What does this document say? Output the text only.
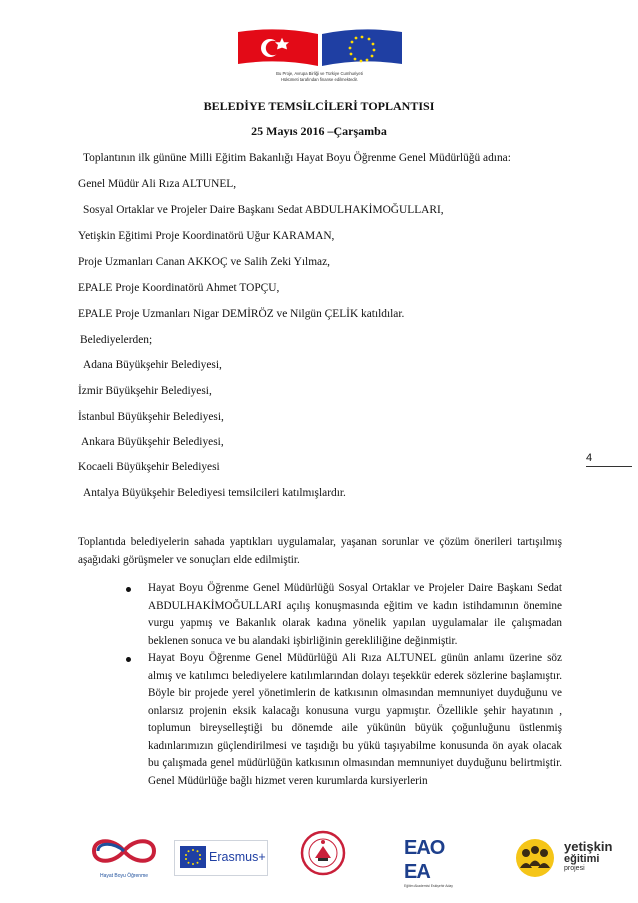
Bu Proje, Avrupa Birliği ve Türkiye Cumhuriyeti
Hükümeti tarafından finanse edilmektedir.
BELEDİYE TEMSİLCİLERİ TOPLANTISI
25 Mayıs 2016 –Çarşamba
Toplantının ilk gününe Milli Eğitim Bakanlığı Hayat Boyu Öğrenme Genel Müdürlüğü adına:
Genel Müdür Ali Rıza ALTUNEL,
Sosyal Ortaklar ve Projeler Daire Başkanı Sedat ABDULHAKİMOĞULLARI,
Yetişkin Eğitimi Proje Koordinatörü Uğur KARAMAN,
Proje Uzmanları Canan AKKOÇ ve Salih Zeki Yılmaz,
EPALE Proje Koordinatörü Ahmet TOPÇU,
EPALE Proje Uzmanları Nigar DEMİRÖZ ve Nilgün ÇELİK katıldılar.
Belediyelerden;
Adana Büyükşehir Belediyesi,
İzmir Büyükşehir Belediyesi,
İstanbul Büyükşehir Belediyesi,
Ankara Büyükşehir Belediyesi,
Kocaeli Büyükşehir Belediyesi
Antalya Büyükşehir Belediyesi temsilcileri katılmışlardır.
4
Toplantıda belediyelerin sahada yaptıkları uygulamalar, yaşanan sorunlar ve çözüm önerileri tartışılmış aşağıdaki görüşmeler ve sonuçları elde edilmiştir.
Hayat Boyu Öğrenme Genel Müdürlüğü Sosyal Ortaklar ve Projeler Daire Başkanı Sedat ABDULHAKİMOĞULLARI açılış konuşmasında eğitim ve kadın istihdamının önemine vurgu yapmış ve Bakanlık olarak kadına yönelik yapılan uygulamalar ile çalışmadan beklenen sonuca ve bu alandaki işbirliğinin gerekliliğine değinmiştir.
Hayat Boyu Öğrenme Genel Müdürlüğü Ali Rıza ALTUNEL günün anlamı üzerine söz almış ve katılımcı belediyelere katılımlarından dolayı teşekkür ederek sözlerine başlamıştır. Böyle bir projede yerel yönetimlerin de katkısının olmasından memnuniyet duyduğunu ve onlarsız projenin eksik kalacağı konusuna vurgu yapmıştır. Özellikle şehir hayatının , toplumun bireyselleştiği bu dönemde aile yükünün büyük çoğunluğunu üstlenmiş kadınlarımızın güçlendirilmesi ve taşıdığı bu yükü taşıyabilme konusunda ön ayak olacak bu çalışmada genel müdürlüğün katkısının olmasından memnuniyet duyduğunu belirtmiştir. Genel Müdürlüğe bağlı hizmet veren kurumlarda kursiyerlerin
Hayat Boyu Öğrenme
Erasmus+	EAO EA
Eğitim Akademisi Eskişehir Aday
yetişkin
eğitimi
projesi
